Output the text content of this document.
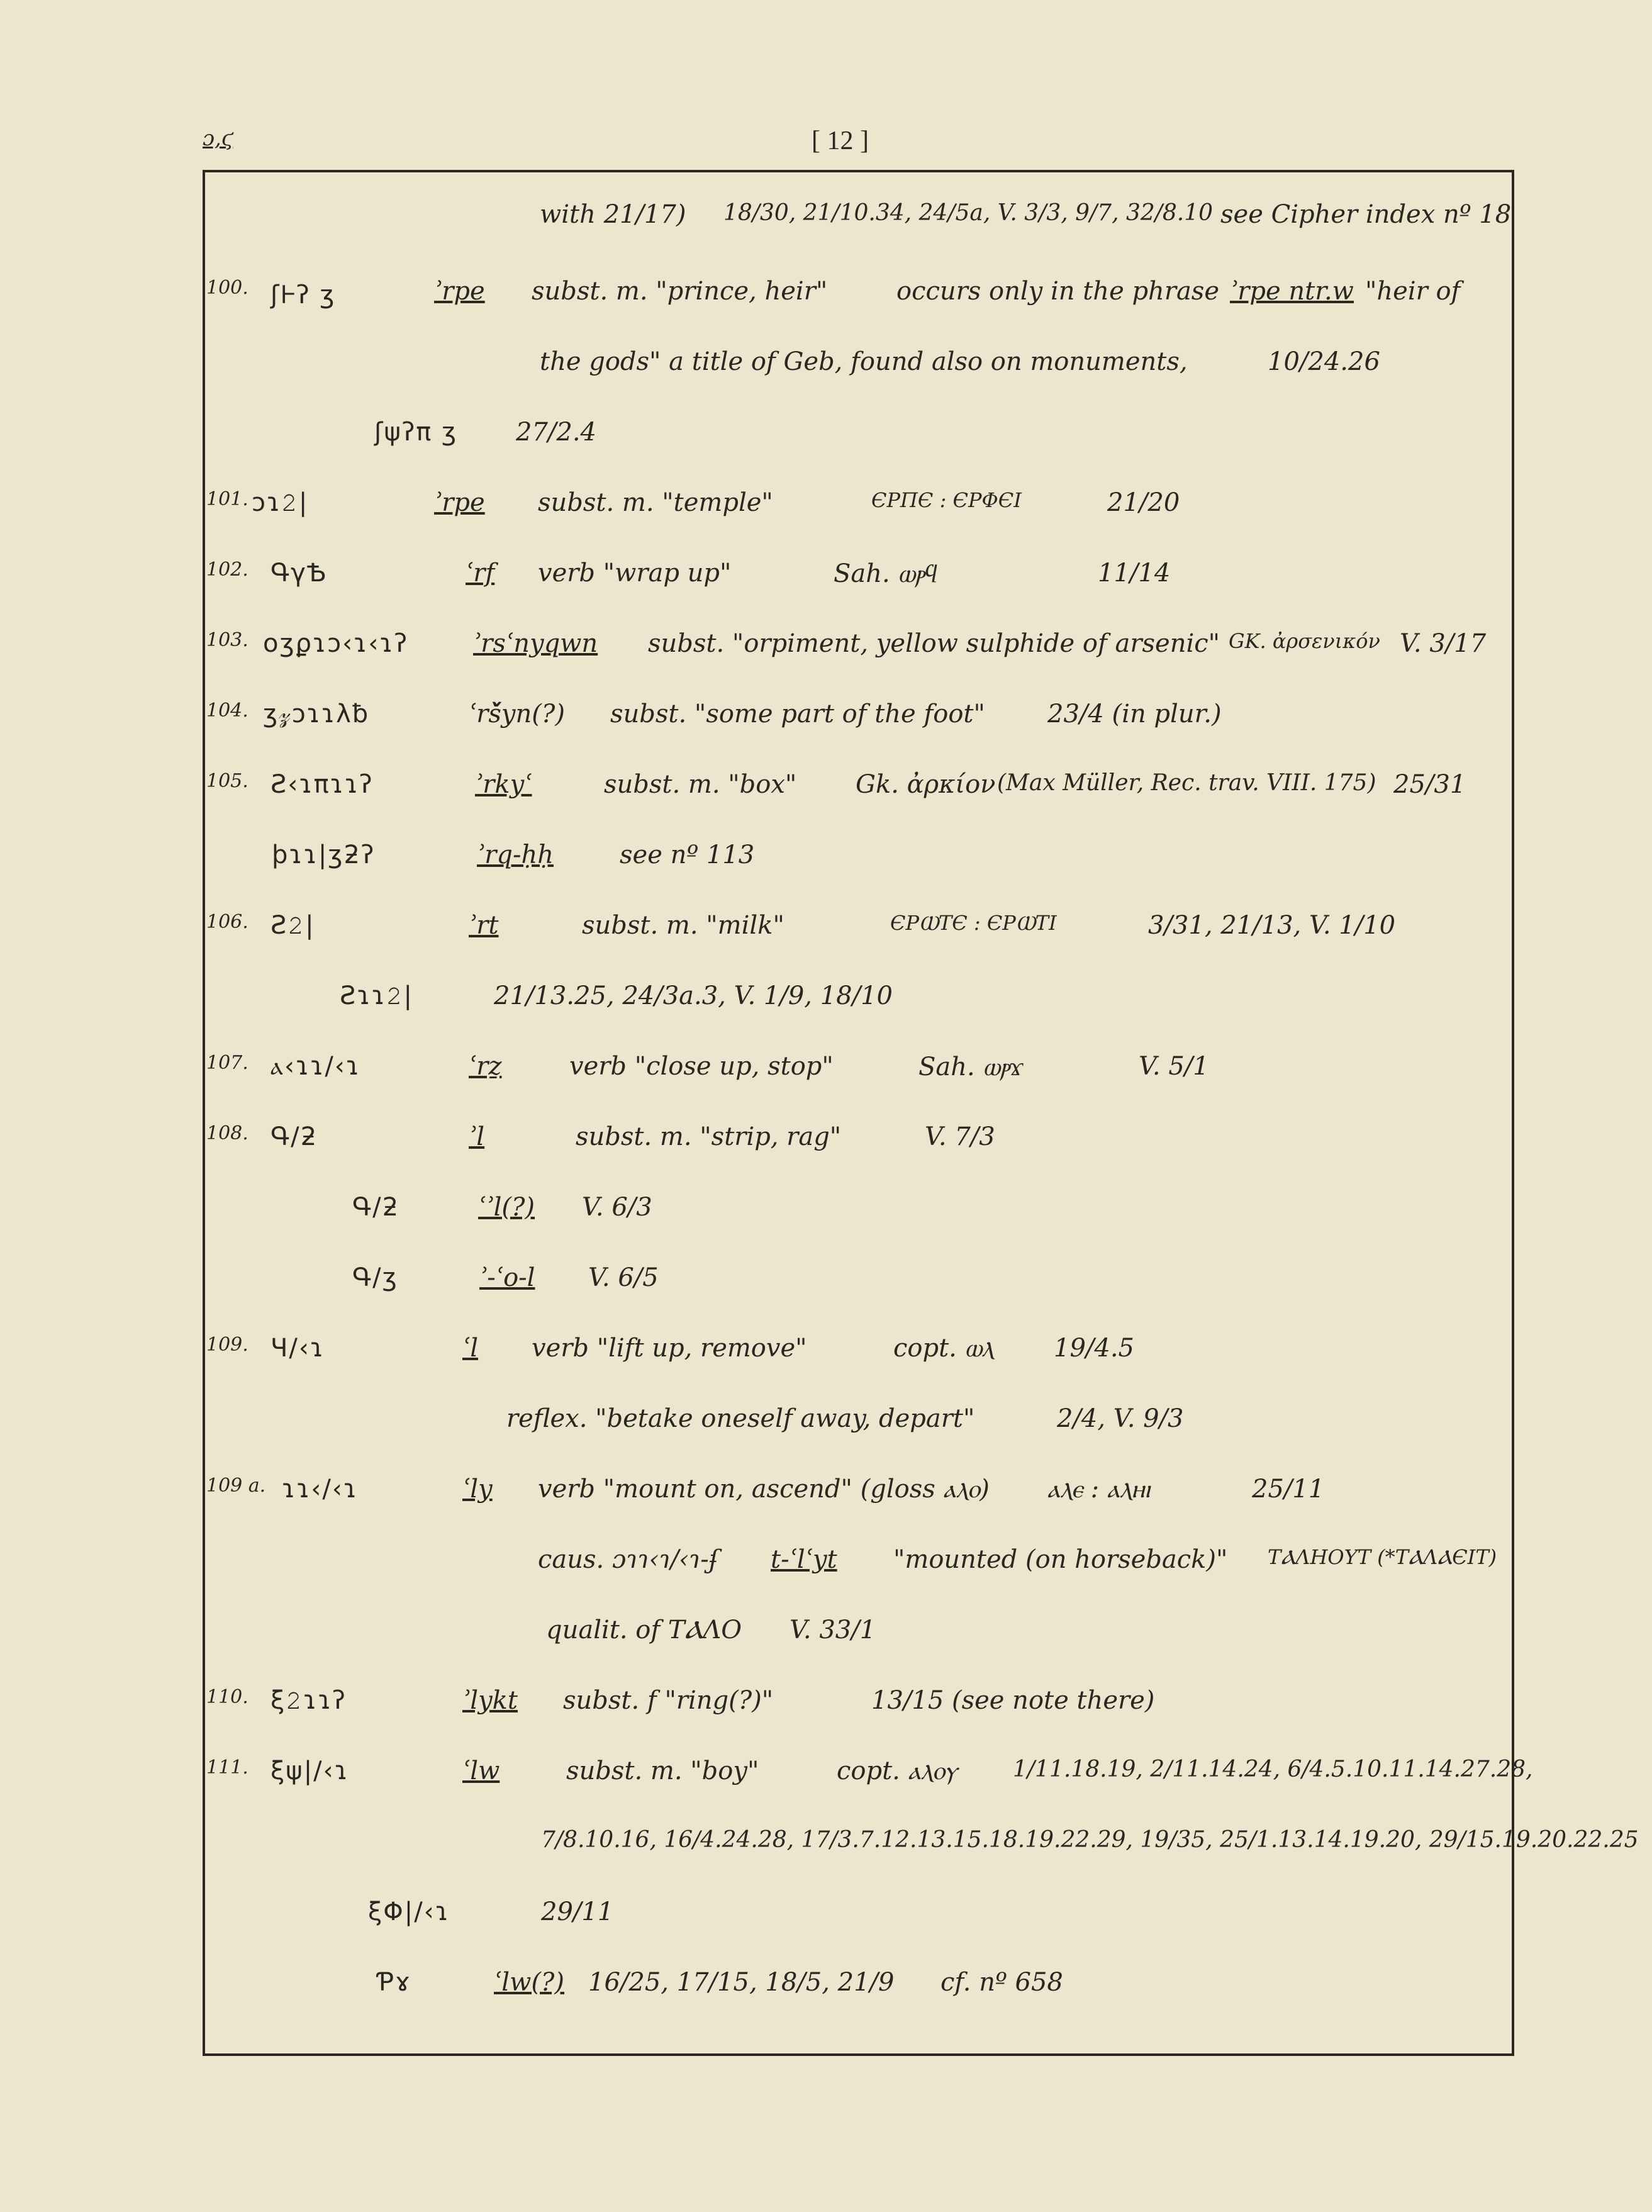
ɔ,ϛ	[ 12 ]
with 21/17) 18/30, 21/10.34, 24/5a, V. 3/3, 9/7, 32/8.10 see Cipher index nº 18
100. ʃ𐅂ʔ ʒ	ʾrpe subst. m. "prince, heir"	occurs only in the phrase ʾrpe ntr.w "heir of
the gods" a title of Geb, found also on monuments,	10/24.26
ʃψʔπ ʒ 27/2.4
101. ɔɿ𝟸|	ʾrpe subst. m. "temple"	ЄΡΠЄ : ЄΡΦЄΙ	21/20
102. ԳγѢ	ʿrf verb "wrap up"	Sah. ⲱⲣϥ	11/14
103. oʒϼɿɔ‹ɿ‹ɿʔ	ʾrsʿnyqwn subst. "orpiment, yellow sulphide of arsenic" GK. ἀρσενικόν V. 3/17
104. ӡ𝓏ɔɿɿλƀ	ʿrš̌yn(?) subst. "some part of the foot" 23/4 (in plur.)
105. Ƨ‹ɿπɿɿʔ	ʾrkyʿ	subst. m. "box" Gk. ἀρκίον (Max Müller, Rec. trav. VIII. 175) 25/31
ϸɿɿ|ʒƻʔ	ʾrq-ḥḥ	see nº 113
106. Ƨ𝟸|	ʾrt	subst. m. "milk"	ЄΡⲰΤЄ : ЄΡⲰΤΙ	3/31, 21/13, V. 1/10
Ƨɿɿ𝟸|	21/13.25, 24/3a.3, V. 1/9, 18/10
107. ⲁ‹ɿɿ/‹ɿ	ʿrẕ	verb "close up, stop"	Sah. ⲱⲣϫ	V. 5/1
108. Գ/ƻ	ʾl	subst. m. "strip, rag"	V. 7/3
Գ/ƻ	ʿʾl(?) V. 6/3
Գ/ʒ	ʾ-ʿo-l V. 6/5
109. Ч/‹ɿ	ʿl verb "lift up, remove"	copt. ⲱⲗ 19/4.5
reflex. "betake oneself away, depart"	2/4, V. 9/3
109 a. ɿɿ‹/‹ɿ	ʿly verb "mount on, ascend" (gloss ⲁⲗⲟ) ⲁⲗⲉ : ⲁⲗⲏⲓ	25/11
caus. ɔɿɿ‹ɿ/‹ɿ-ʄ t-ʿlʿyt "mounted (on horseback)" ΤⲀΛΗΟΥΤ (*ΤⲀΛⲀЄΙΤ)
qualit. of ΤⲀΛΟ V. 33/1
110. ξ𝟸ɿɿʔ	ʾlykt subst. f "ring(?)"	13/15 (see note there)
111. ξψ|/‹ɿ	ʿlw	subst. m. "boy"	copt. ⲁⲗⲟⲩ 1/11.18.19, 2/11.14.24, 6/4.5.10.11.14.27.28,
7/8.10.16, 16/4.24.28, 17/3.7.12.13.15.18.19.22.29, 19/35, 25/1.13.14.19.20, 29/15.19.20.22.25
ξΦ|/‹ɿ	29/11
Ƥɤ	ʿlw(?) 16/25, 17/15, 18/5, 21/9 cf. nº 658
